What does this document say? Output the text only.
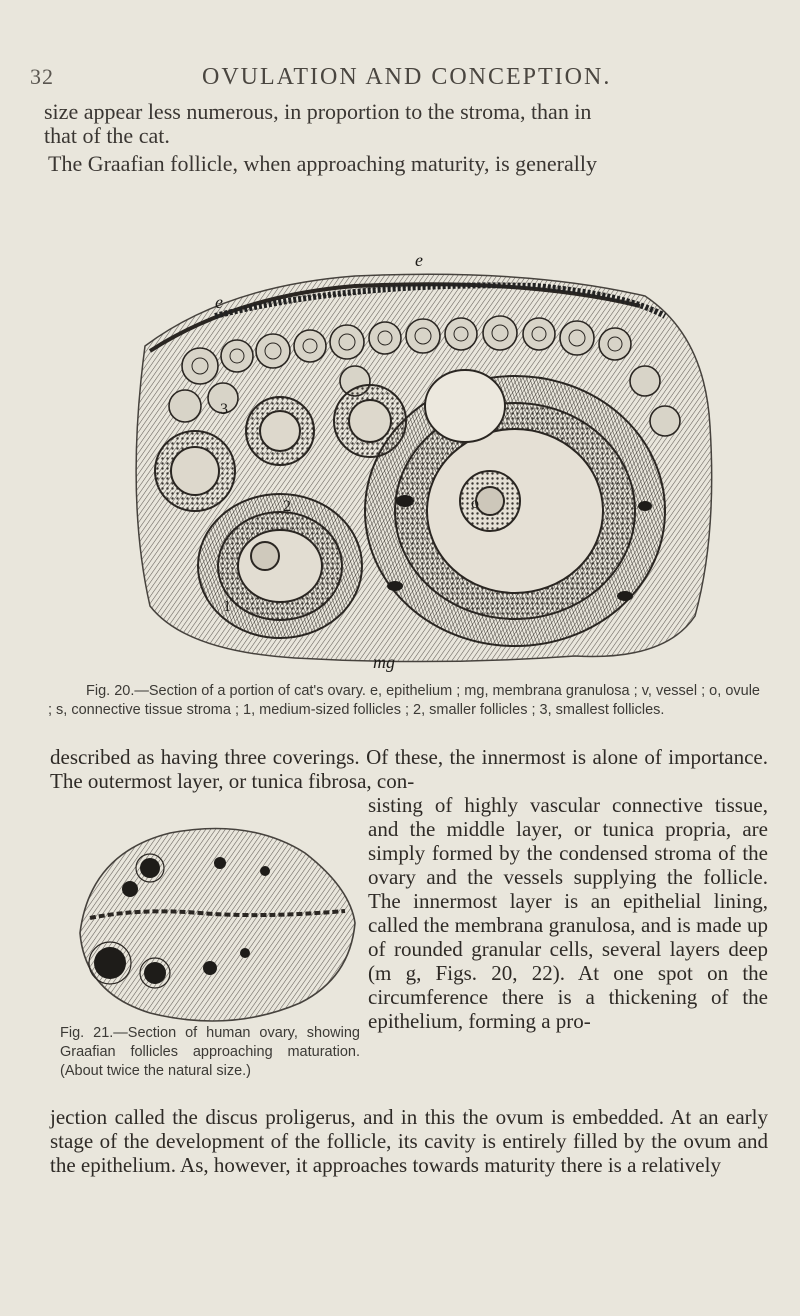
32	OVULATION AND CONCEPTION.

size appear less numerous, in proportion to the stroma, than in

that of the cat.

The Graafian follicle, when approaching maturity, is generally

e
e
3
2
1
o
mg

Fig. 20.—Section of a portion of cat's ovary. e, epithelium ; mg, membrana granulosa ; v, vessel ; o, ovule ; s, connective tissue stroma ; 1, medium-sized follicles ; 2, smaller follicles ; 3, smallest follicles.

described as having three coverings. Of these, the innermost is alone of importance. The outermost layer, or tunica fibrosa, con-

sisting of highly vascular connective tissue, and the middle layer, or tunica propria, are simply formed by the condensed stroma of the ovary and the vessels supplying the follicle. The innermost layer is an epithelial lining, called the membrana granulosa, and is made up of rounded granular cells, several layers deep (m g, Figs. 20, 22). At one spot on the circumference there is a thickening of the epithelium, forming a pro-

Fig. 21.—Section of human ovary, showing Graafian follicles approaching maturation. (About twice the natural size.)

jection called the discus proligerus, and in this the ovum is embedded. At an early stage of the development of the follicle, its cavity is entirely filled by the ovum and the epithelium. As, however, it approaches towards maturity there is a relatively
